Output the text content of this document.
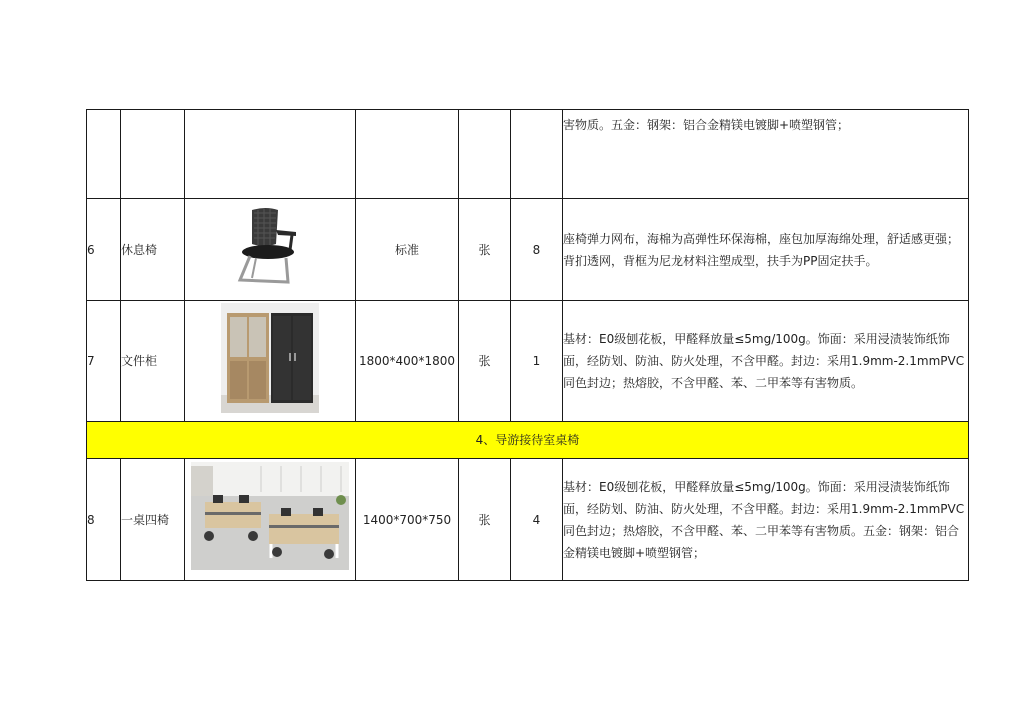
						害物质。五金：钢架：铝合金精镁电镀脚+喷塑钢管；
6	休息椅		标准	张	8	座椅弹力网布，海棉为高弹性环保海棉，座包加厚海绵处理，舒适感更强；背扪透网，背框为尼龙材料注塑成型，扶手为PP固定扶手。
7	文件柜		1800*400*1800	张	1	基材：E0级刨花板，甲醛释放量≤5mg/100g。饰面：采用浸渍装饰纸饰面，经防划、防油、防火处理，不含甲醛。封边：采用1.9mm-2.1mmPVC同色封边；热熔胶，不含甲醛、苯、二甲苯等有害物质。
4、导游接待室桌椅						
8	一桌四椅		1400*700*750	张	4	基材：E0级刨花板，甲醛释放量≤5mg/100g。饰面：采用浸渍装饰纸饰面，经防划、防油、防火处理，不含甲醛。封边：采用1.9mm-2.1mmPVC同色封边；热熔胶，不含甲醛、苯、二甲苯等有害物质。五金：钢架：铝合金精镁电镀脚+喷塑钢管；
